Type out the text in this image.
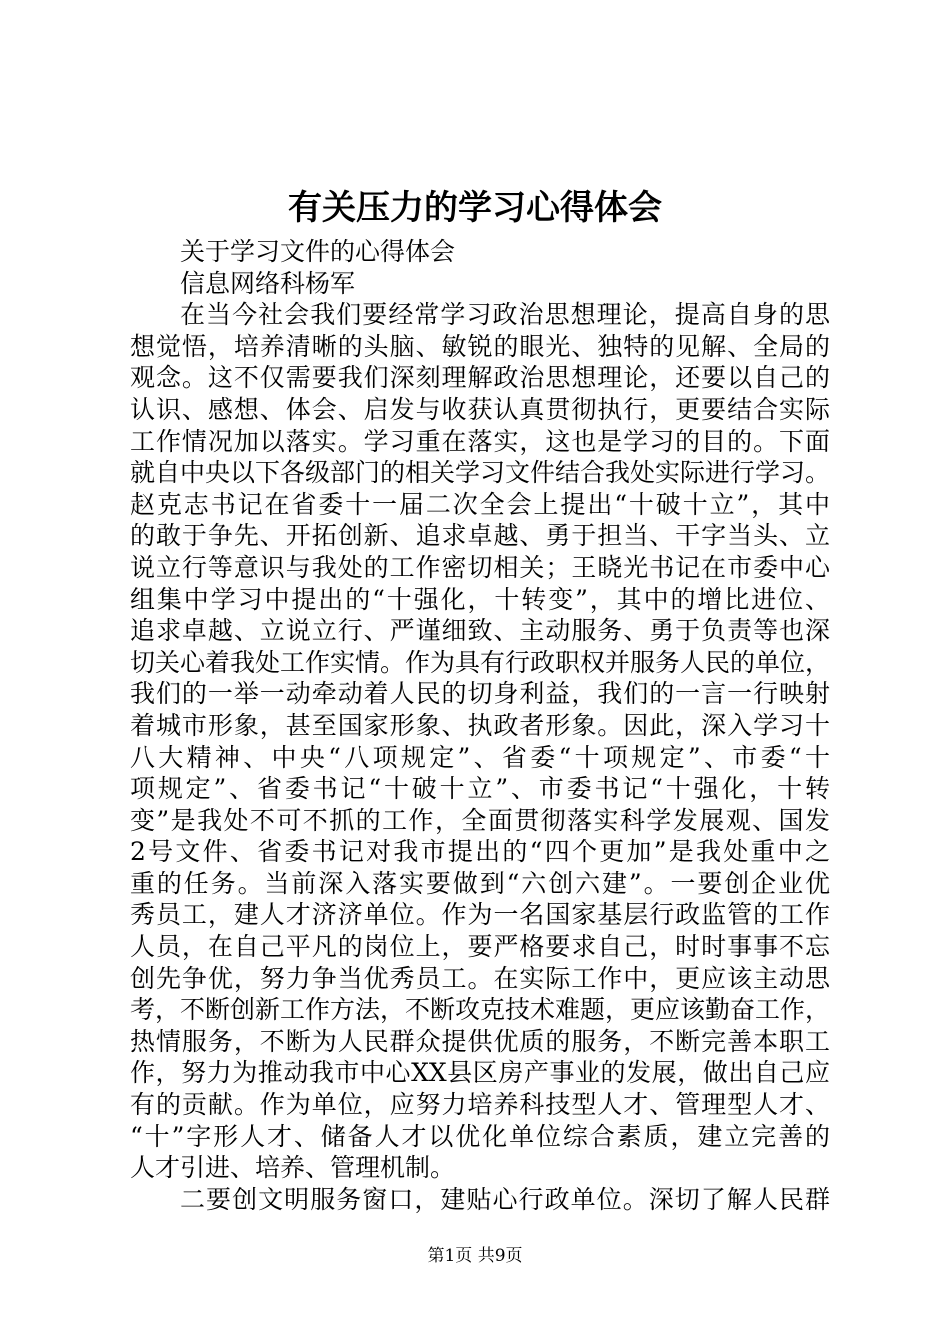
有关压力的学习心得体会
关于学习文件的心得体会
信息网络科杨军
在当今社会我们要经常学习政治思想理论，提高自身的思
想觉悟，培养清晰的头脑、敏锐的眼光、独特的见解、全局的
观念。这不仅需要我们深刻理解政治思想理论，还要以自己的
认识、感想、体会、启发与收获认真贯彻执行，更要结合实际
工作情况加以落实。学习重在落实，这也是学习的目的。下面
就自中央以下各级部门的相关学习文件结合我处实际进行学习。
赵克志书记在省委十一届二次全会上提出“十破十立”，其中
的敢于争先、开拓创新、追求卓越、勇于担当、干字当头、立
说立行等意识与我处的工作密切相关；王晓光书记在市委中心
组集中学习中提出的“十强化，十转变”，其中的增比进位、
追求卓越、立说立行、严谨细致、主动服务、勇于负责等也深
切关心着我处工作实情。作为具有行政职权并服务人民的单位，
我们的一举一动牵动着人民的切身利益，我们的一言一行映射
着城市形象，甚至国家形象、执政者形象。因此，深入学习十
八大精神、中央“八项规定”、省委“十项规定”、市委“十
项规定”、省委书记“十破十立”、市委书记“十强化，十转
变”是我处不可不抓的工作，全面贯彻落实科学发展观、国发
2号文件、省委书记对我市提出的“四个更加”是我处重中之
重的任务。当前深入落实要做到“六创六建”。一要创企业优
秀员工，建人才济济单位。作为一名国家基层行政监管的工作
人员，在自己平凡的岗位上，要严格要求自己，时时事事不忘
创先争优，努力争当优秀员工。在实际工作中，更应该主动思
考，不断创新工作方法，不断攻克技术难题，更应该勤奋工作，
热情服务，不断为人民群众提供优质的服务，不断完善本职工
作，努力为推动我市中心XX县区房产事业的发展，做出自己应
有的贡献。作为单位，应努力培养科技型人才、管理型人才、
“十”字形人才、储备人才以优化单位综合素质，建立完善的
人才引进、培养、管理机制。
二要创文明服务窗口，建贴心行政单位。深切了解人民群
第1页 共9页
